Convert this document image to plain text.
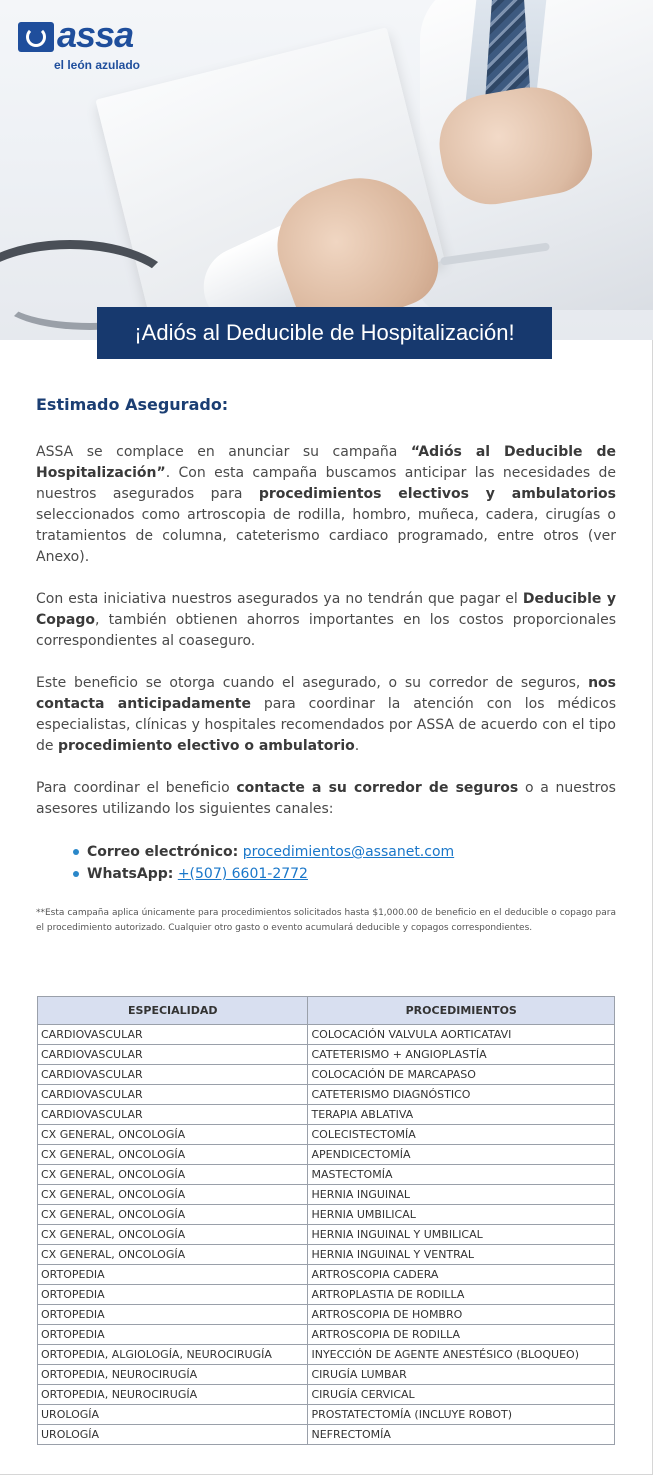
assa
el león azulado
¡Adiós al Deducible de Hospitalización!
Estimado Asegurado:

ASSA se complace en anunciar su campaña “Adiós al Deducible de Hospitalización”. Con esta campaña buscamos anticipar las necesidades de nuestros asegurados para procedimientos electivos y ambulatorios seleccionados como artroscopia de rodilla, hombro, muñeca, cadera, cirugías o tratamientos de columna, cateterismo cardiaco programado, entre otros (ver Anexo).

Con esta iniciativa nuestros asegurados ya no tendrán que pagar el Deducible y Copago, también obtienen ahorros importantes en los costos proporcionales correspondientes al coaseguro.

Este beneficio se otorga cuando el asegurado, o su corredor de seguros, nos contacta anticipadamente para coordinar la atención con los médicos especialistas, clínicas y hospitales recomendados por ASSA de acuerdo con el tipo de procedimiento electivo o ambulatorio.

Para coordinar el beneficio contacte a su corredor de seguros o a nuestros asesores utilizando los siguientes canales:

Correo electrónico: procedimientos@assanet.com
WhatsApp: +(507) 6601-2772

**Esta campaña aplica únicamente para procedimientos solicitados hasta $1,000.00 de beneficio en el deducible o copago para el procedimiento autorizado. Cualquier otro gasto o evento acumulará deducible y copagos correspondientes.

ESPECIALIDAD	PROCEDIMIENTOS
CARDIOVASCULAR	COLOCACIÓN VALVULA AORTICATAVI
CARDIOVASCULAR	CATETERISMO + ANGIOPLASTÍA
CARDIOVASCULAR	COLOCACIÓN DE MARCAPASO
CARDIOVASCULAR	CATETERISMO DIAGNÓSTICO
CARDIOVASCULAR	TERAPIA ABLATIVA
CX GENERAL, ONCOLOGÍA	COLECISTECTOMÍA
CX GENERAL, ONCOLOGÍA	APENDICECTOMÍA
CX GENERAL, ONCOLOGÍA	MASTECTOMÍA
CX GENERAL, ONCOLOGÍA	HERNIA INGUINAL
CX GENERAL, ONCOLOGÍA	HERNIA UMBILICAL
CX GENERAL, ONCOLOGÍA	HERNIA INGUINAL Y UMBILICAL
CX GENERAL, ONCOLOGÍA	HERNIA INGUINAL Y VENTRAL
ORTOPEDIA	ARTROSCOPIA CADERA
ORTOPEDIA	ARTROPLASTIA DE RODILLA
ORTOPEDIA	ARTROSCOPIA DE HOMBRO
ORTOPEDIA	ARTROSCOPIA DE RODILLA
ORTOPEDIA, ALGIOLOGÍA, NEUROCIRUGÍA	INYECCIÓN DE AGENTE ANESTÉSICO (BLOQUEO)
ORTOPEDIA, NEUROCIRUGÍA	CIRUGÍA LUMBAR
ORTOPEDIA, NEUROCIRUGÍA	CIRUGÍA CERVICAL
UROLOGÍA	PROSTATECTOMÍA (INCLUYE ROBOT)
UROLOGÍA	NEFRECTOMÍA
